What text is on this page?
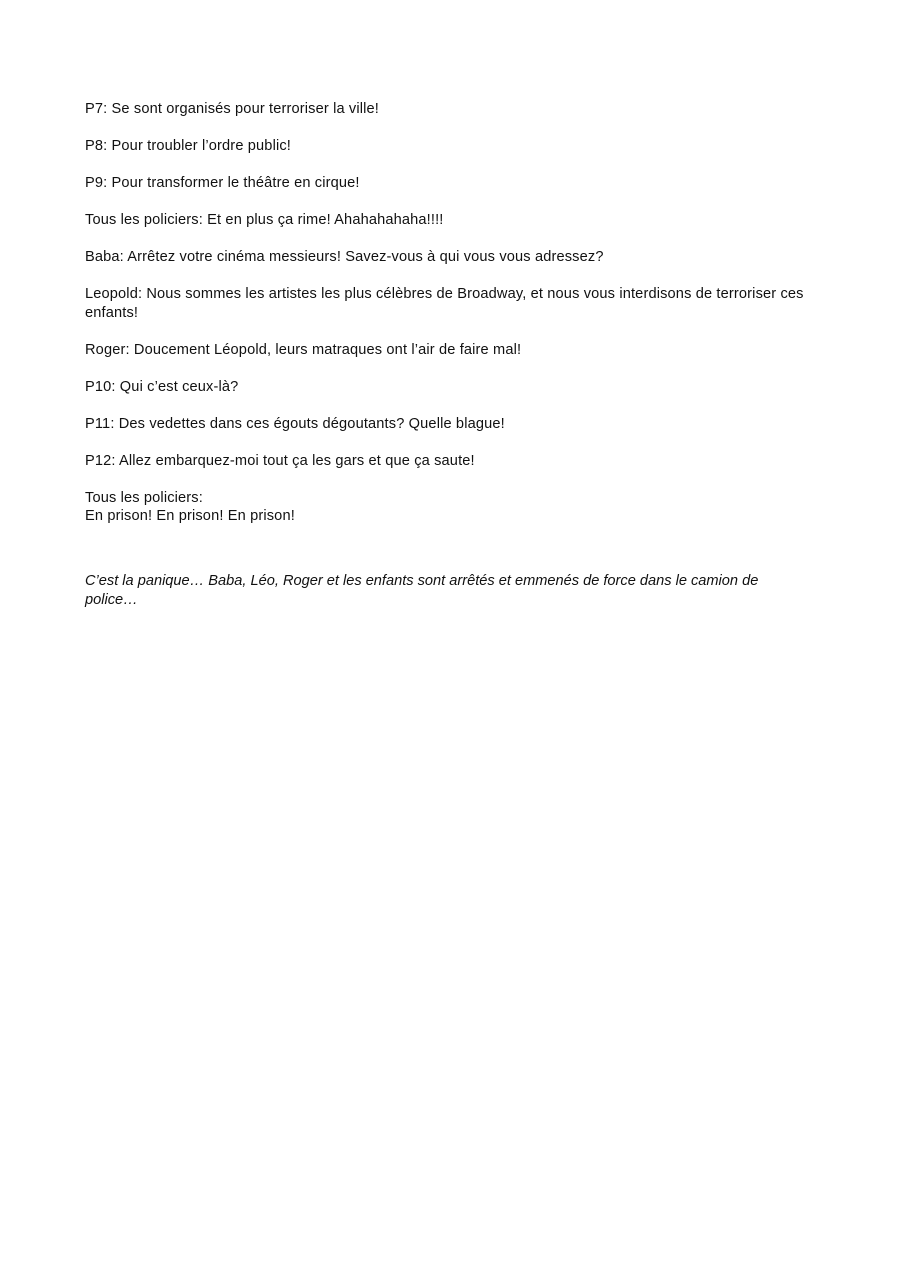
P7: Se sont organisés pour terroriser la ville!

P8: Pour troubler l’ordre public!

P9: Pour transformer le théâtre en cirque!

Tous les policiers: Et en plus ça rime! Ahahahahaha!!!!

Baba: Arrêtez votre cinéma messieurs! Savez-vous à qui vous vous adressez?

Leopold: Nous sommes les artistes les plus célèbres de Broadway, et nous vous interdisons de terroriser ces enfants!

Roger: Doucement Léopold, leurs matraques ont l’air de faire mal!

P10: Qui c’est ceux-là?

P11: Des vedettes dans ces égouts dégoutants? Quelle blague!

P12: Allez embarquez-moi tout ça les gars et que ça saute!

Tous les policiers:

En prison! En prison! En prison!

C’est la panique… Baba, Léo, Roger et les enfants sont arrêtés et emmenés de force dans le camion de police…
